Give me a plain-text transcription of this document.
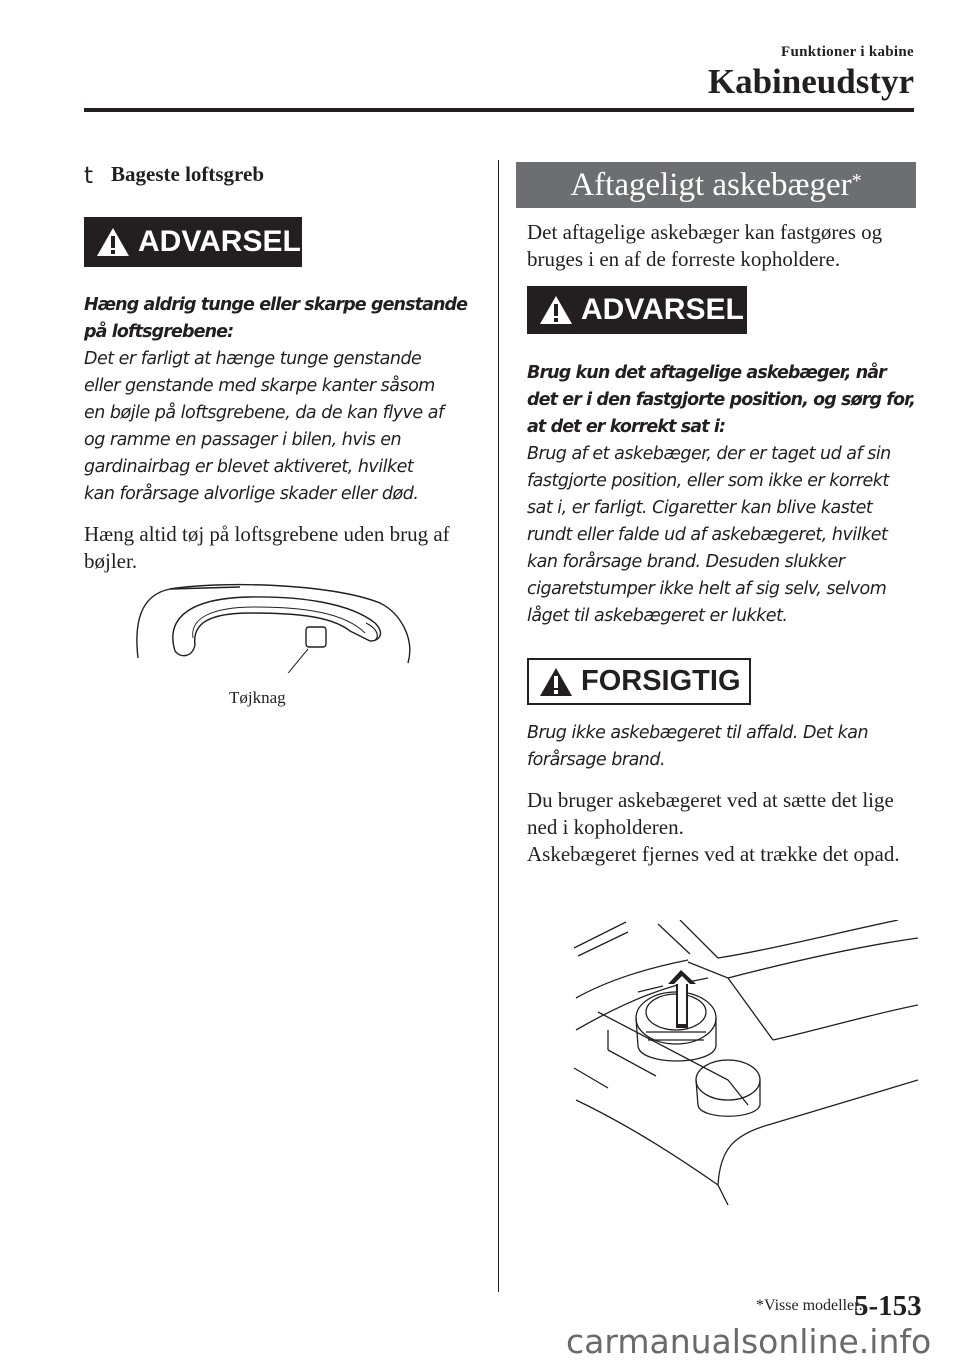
Funktioner i kabine
Kabineudstyr
t Bageste loftsgreb
ADVARSEL

Hæng aldrig tunge eller skarpe genstande på loftsgrebene:

Det er farligt at hænge tunge genstande

eller genstande med skarpe kanter såsom

en bøjle på loftsgrebene, da de kan flyve af

og ramme en passager i bilen, hvis en

gardinairbag er blevet aktiveret, hvilket

kan forårsage alvorlige skader eller død.

Hæng altid tøj på loftsgrebene uden brug af bøjler.

Tøjknag
Aftageligt askebæger*

Det aftagelige askebæger kan fastgøres og bruges i en af de forreste kopholdere.

ADVARSEL

Brug kun det aftagelige askebæger, når det er i den fastgjorte position, og sørg for, at det er korrekt sat i:

Brug af et askebæger, der er taget ud af sin

fastgjorte position, eller som ikke er korrekt

sat i, er farligt. Cigaretter kan blive kastet

rundt eller falde ud af askebægeret, hvilket

kan forårsage brand. Desuden slukker

cigaretstumper ikke helt af sig selv, selvom

låget til askebægeret er lukket.

FORSIGTIG

Brug ikke askebægeret til affald. Det kan forårsage brand.

Du bruger askebægeret ved at sætte det lige ned i kopholderen.

Askebægeret fjernes ved at trække det opad.

*Visse modeller.
5-153
carmanualsonline.info
